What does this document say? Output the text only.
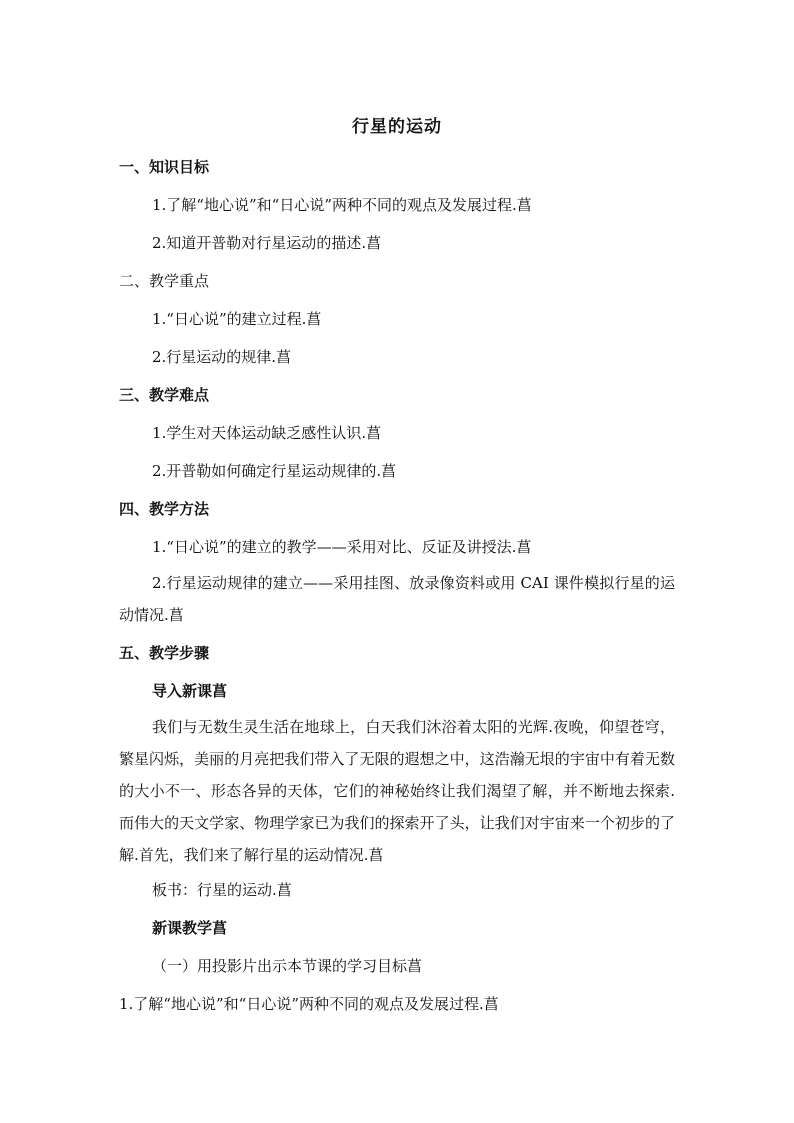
行星的运动
一、知识目标
1.了解“地心说”和“日心说”两种不同的观点及发展过程.菖
2.知道开普勒对行星运动的描述.菖
二、教学重点
1.“日心说”的建立过程.菖
2.行星运动的规律.菖
三、教学难点
1.学生对天体运动缺乏感性认识.菖
2.开普勒如何确定行星运动规律的.菖
四、教学方法
1.“日心说”的建立的教学——采用对比、反证及讲授法.菖

2.行星运动规律的建立——采用挂图、放录像资料或用 CAI 课件模拟行星的运动情况.菖

五、教学步骤
导入新课菖

我们与无数生灵生活在地球上，白天我们沐浴着太阳的光辉.夜晚，仰望苍穹，繁星闪烁，美丽的月亮把我们带入了无限的遐想之中，这浩瀚无垠的宇宙中有着无数的大小不一、形态各异的天体，它们的神秘始终让我们渴望了解，并不断地去探索.而伟大的天文学家、物理学家已为我们的探索开了头，让我们对宇宙来一个初步的了解.首先，我们来了解行星的运动情况.菖

板书：行星的运动.菖
新课教学菖
（一）用投影片出示本节课的学习目标菖
1.了解“地心说”和“日心说”两种不同的观点及发展过程.菖
